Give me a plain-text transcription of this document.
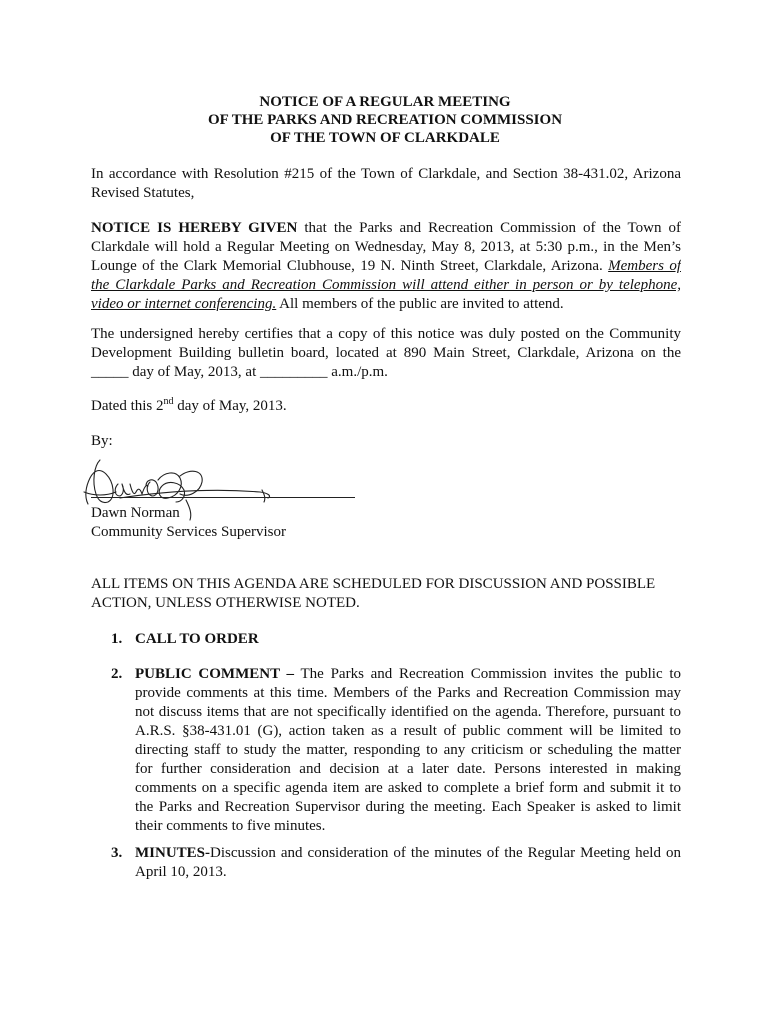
NOTICE OF A REGULAR MEETING
OF THE PARKS AND RECREATION COMMISSION
OF THE TOWN OF CLARKDALE
In accordance with Resolution #215 of the Town of Clarkdale, and Section 38-431.02, Arizona
Revised Statutes,
NOTICE IS HEREBY GIVEN that the Parks and Recreation Commission of the Town of
Clarkdale will hold a Regular Meeting on Wednesday, May 8, 2013, at 5:30 p.m., in the Men’s
Lounge of the Clark Memorial Clubhouse, 19 N. Ninth Street, Clarkdale, Arizona. Members of
the Clarkdale Parks and Recreation Commission will attend either in person or by telephone,
video or internet conferencing. All members of the public are invited to attend.
The undersigned hereby certifies that a copy of this notice was duly posted on the Community
Development Building bulletin board, located at 890 Main Street, Clarkdale, Arizona on the
_____ day of May, 2013, at _________ a.m./p.m.
Dated this 2nd day of May, 2013.
By:
Dawn Norman
Community Services Supervisor
ALL ITEMS ON THIS AGENDA ARE SCHEDULED FOR DISCUSSION AND POSSIBLE
ACTION, UNLESS OTHERWISE NOTED.
1. CALL TO ORDER
2. PUBLIC COMMENT – The Parks and Recreation Commission invites the public to
provide comments at this time. Members of the Parks and Recreation Commission may
not discuss items that are not specifically identified on the agenda. Therefore, pursuant to
A.R.S. §38-431.01 (G), action taken as a result of public comment will be limited to
directing staff to study the matter, responding to any criticism or scheduling the matter
for further consideration and decision at a later date. Persons interested in making
comments on a specific agenda item are asked to complete a brief form and submit it to
the Parks and Recreation Supervisor during the meeting. Each Speaker is asked to limit
their comments to five minutes.
3. MINUTES-Discussion and consideration of the minutes of the Regular Meeting held on
April 10, 2013.
